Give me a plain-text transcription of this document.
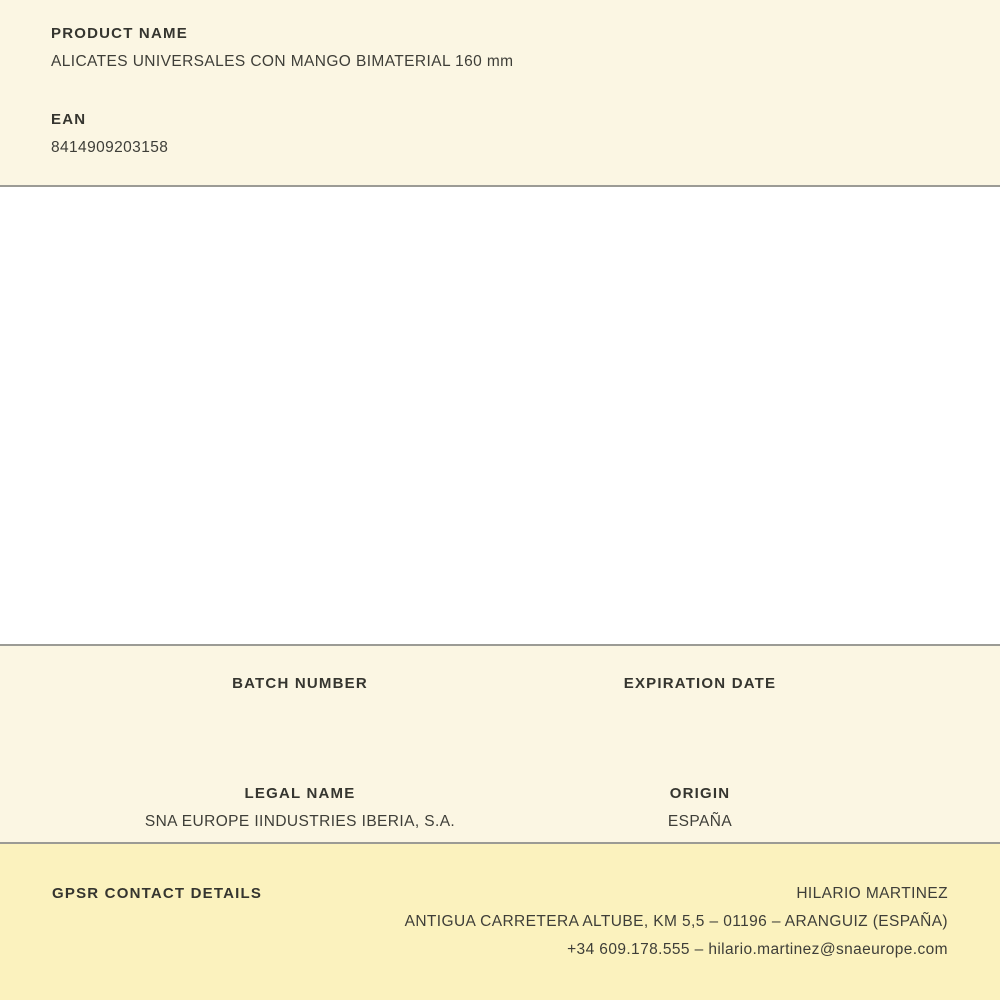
PRODUCT NAME
ALICATES UNIVERSALES CON MANGO BIMATERIAL 160 mm
EAN
8414909203158
BATCH NUMBER	EXPIRATION DATE
LEGAL NAME
SNA EUROPE IINDUSTRIES IBERIA, S.A.
ORIGIN
ESPAÑA
GPSR CONTACT DETAILS	HILARIO MARTINEZ
ANTIGUA CARRETERA ALTUBE, KM 5,5 – 01196 – ARANGUIZ (ESPAÑA)
+34 609.178.555 – hilario.martinez@snaeurope.com
